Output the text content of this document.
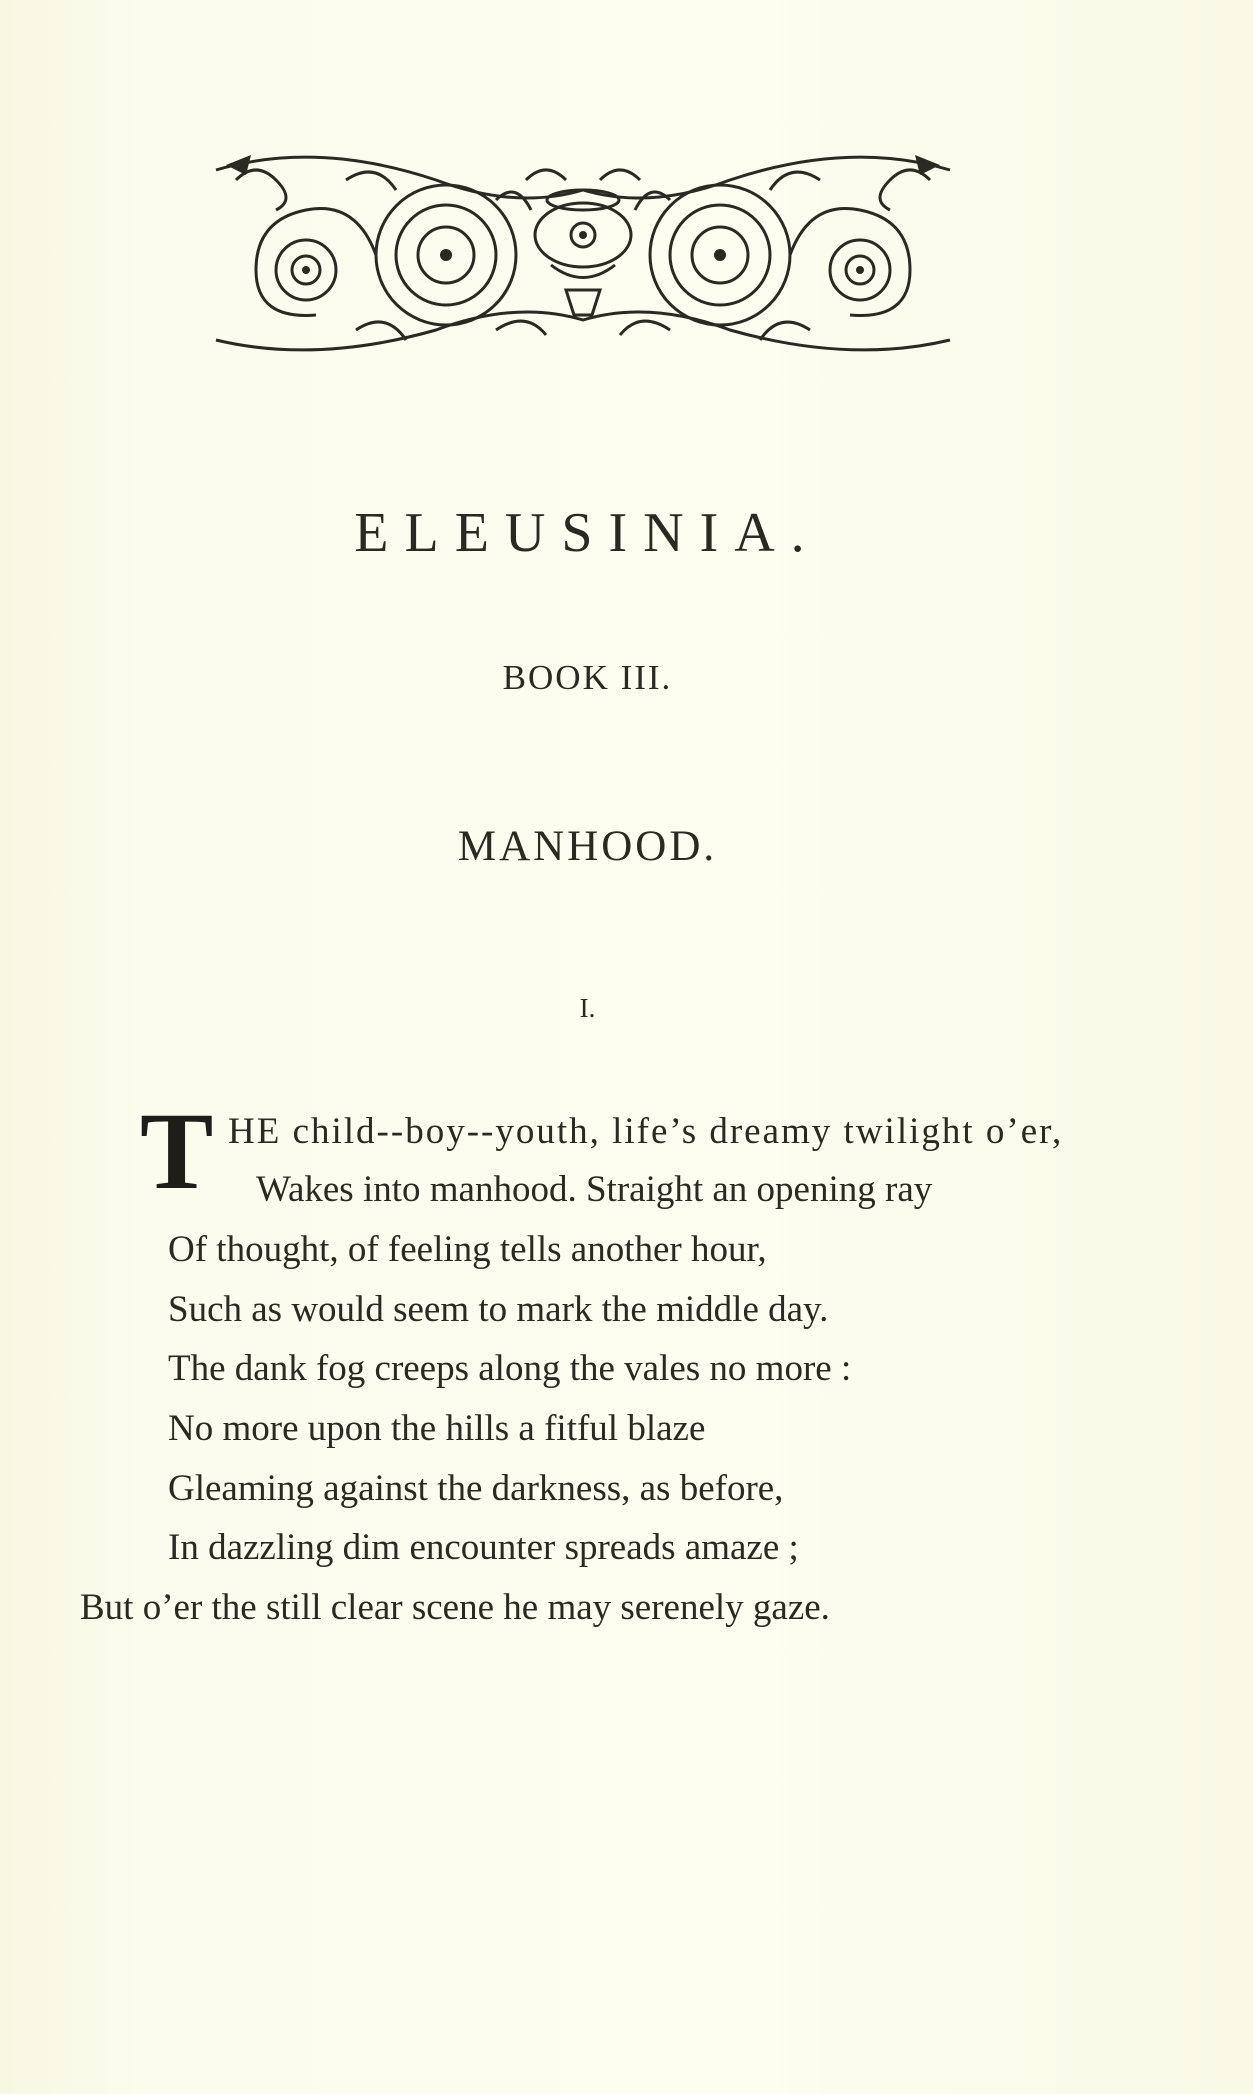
ELEUSINIA.
BOOK III.
MANHOOD.
I.
T HE child--boy--youth, life’s dreamy twilight o’er,
Wakes into manhood. Straight an opening ray
Of thought, of feeling tells another hour,
Such as would seem to mark the middle day.
The dank fog creeps along the vales no more :
No more upon the hills a fitful blaze
Gleaming against the darkness, as before,
In dazzling dim encounter spreads amaze ;
But o’er the still clear scene he may serenely gaze.
